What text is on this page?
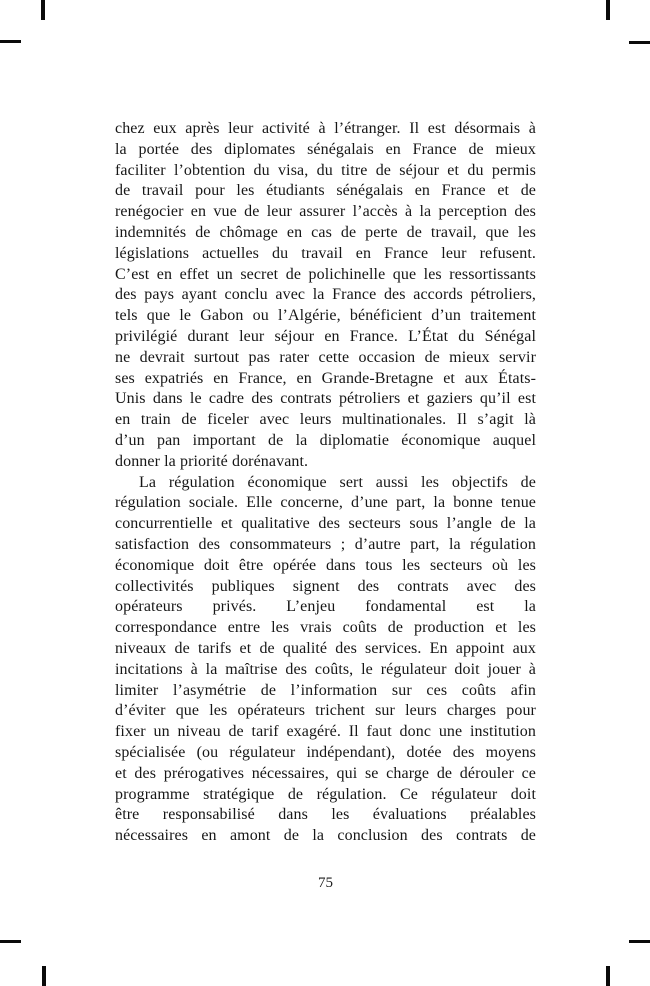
chez eux après leur activité à l’étranger. Il est désormais à
la portée des diplomates sénégalais en France de mieux
faciliter l’obtention du visa, du titre de séjour et du permis
de travail pour les étudiants sénégalais en France et de
renégocier en vue de leur assurer l’accès à la perception des
indemnités de chômage en cas de perte de travail, que les
législations actuelles du travail en France leur refusent.
C’est en effet un secret de polichinelle que les ressortissants
des pays ayant conclu avec la France des accords pétroliers,
tels que le Gabon ou l’Algérie, bénéficient d’un traitement
privilégié durant leur séjour en France. L’État du Sénégal
ne devrait surtout pas rater cette occasion de mieux servir
ses expatriés en France, en Grande-Bretagne et aux États-
Unis dans le cadre des contrats pétroliers et gaziers qu’il est
en train de ficeler avec leurs multinationales. Il s’agit là
d’un pan important de la diplomatie économique auquel
donner la priorité dorénavant.
La régulation économique sert aussi les objectifs de
régulation sociale. Elle concerne, d’une part, la bonne tenue
concurrentielle et qualitative des secteurs sous l’angle de la
satisfaction des consommateurs ; d’autre part, la régulation
économique doit être opérée dans tous les secteurs où les
collectivités publiques signent des contrats avec des
opérateurs privés. L’enjeu fondamental est la
correspondance entre les vrais coûts de production et les
niveaux de tarifs et de qualité des services. En appoint aux
incitations à la maîtrise des coûts, le régulateur doit jouer à
limiter l’asymétrie de l’information sur ces coûts afin
d’éviter que les opérateurs trichent sur leurs charges pour
fixer un niveau de tarif exagéré. Il faut donc une institution
spécialisée (ou régulateur indépendant), dotée des moyens
et des prérogatives nécessaires, qui se charge de dérouler ce
programme stratégique de régulation. Ce régulateur doit
être responsabilisé dans les évaluations préalables
nécessaires en amont de la conclusion des contrats de
75
